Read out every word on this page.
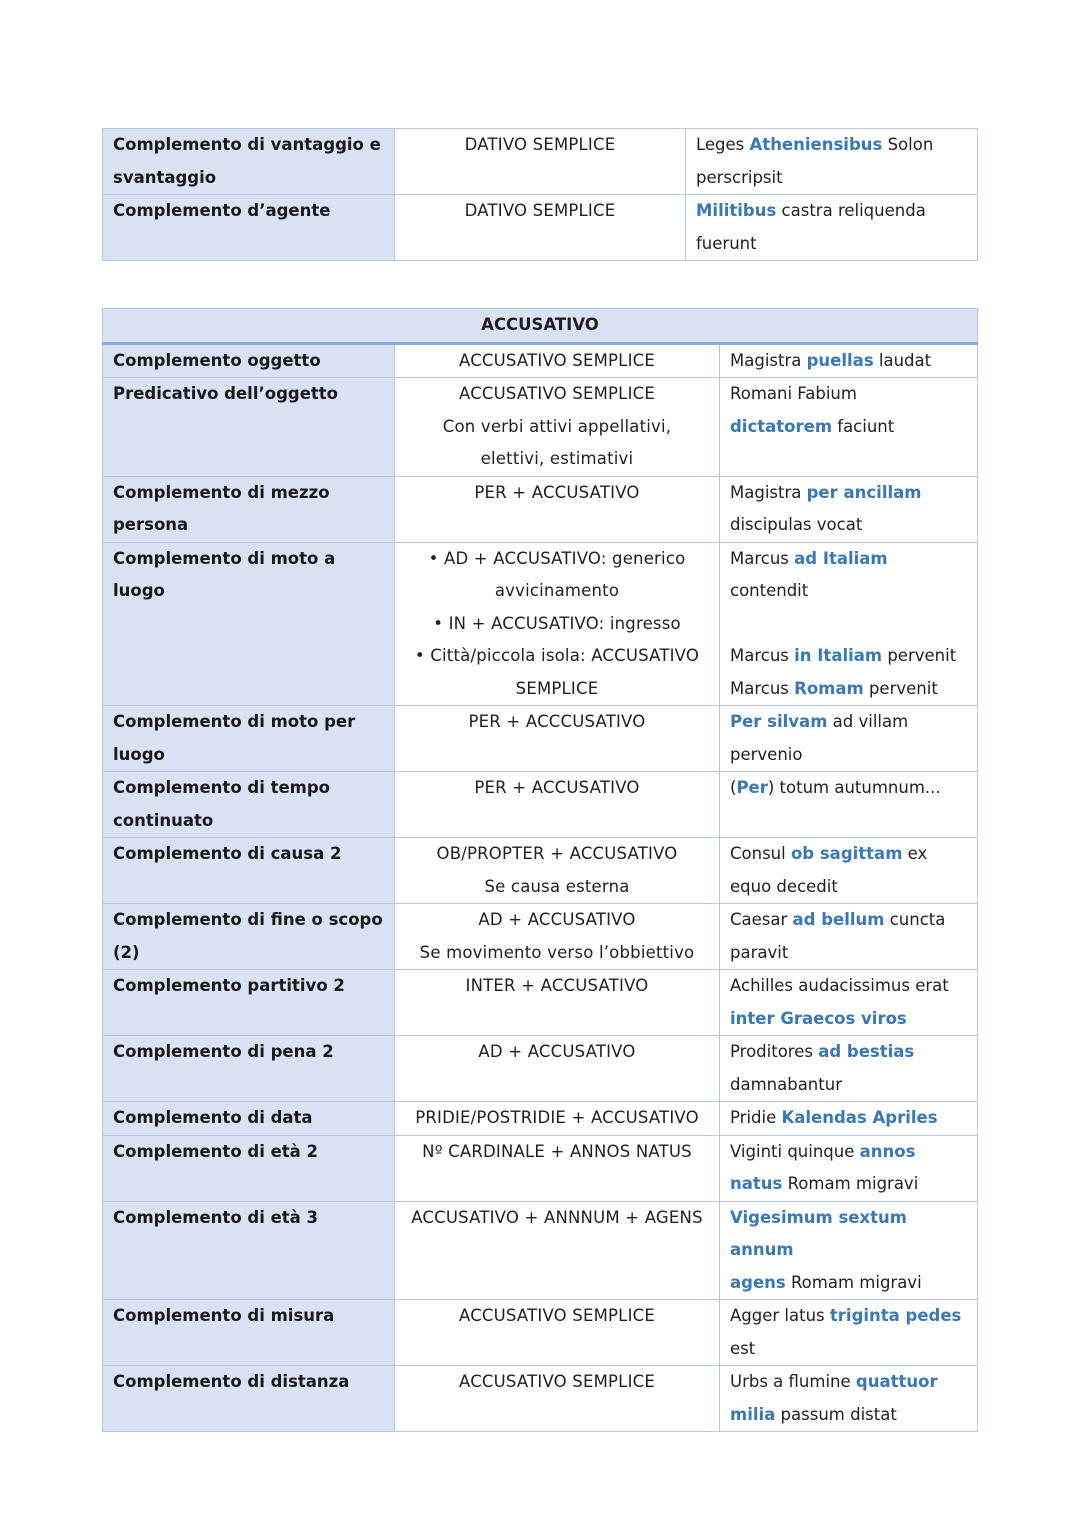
Complemento di vantaggio e svantaggio	DATIVO SEMPLICE	Leges Atheniensibus Solon
perscripsit

Complemento d’agente	DATIVO SEMPLICE	Militibus castra reliquenda
fuerunt
ACCUSATIVO		
Complemento oggetto	ACCUSATIVO SEMPLICE	Magistra puellas laudat

Predicativo dell’oggetto	ACCUSATIVO SEMPLICE
Con verbi attivi appellativi,
elettivi, estimativi	Romani Fabium
dictatorem faciunt

Complemento di mezzo persona	PER + ACCUSATIVO	Magistra per ancillam
discipulas vocat

Complemento di moto a luogo	• AD + ACCUSATIVO: generico
avvicinamento
• IN + ACCUSATIVO: ingresso
• Città/piccola isola: ACCUSATIVO
SEMPLICE	Marcus ad Italiam
contendit
Marcus in Italiam pervenit
Marcus Romam pervenit

Complemento di moto per luogo	PER + ACCCUSATIVO	Per silvam ad villam
pervenio

Complemento di tempo continuato	PER + ACCUSATIVO	(Per) totum autumnum...

Complemento di causa 2	OB/PROPTER + ACCUSATIVO
Se causa esterna	Consul ob sagittam ex
equo decedit

Complemento di fine o scopo (2)	AD + ACCUSATIVO
Se movimento verso l’obbiettivo	Caesar ad bellum cuncta
paravit

Complemento partitivo 2	INTER + ACCUSATIVO	Achilles audacissimus erat
inter Graecos viros

Complemento di pena 2	AD + ACCUSATIVO	Proditores ad bestias
damnabantur

Complemento di data	PRIDIE/POSTRIDIE + ACCUSATIVO	Pridie Kalendas Apriles

Complemento di età 2	Nº CARDINALE + ANNOS NATUS	Viginti quinque annos
natus Romam migravi

Complemento di età 3	ACCUSATIVO + ANNNUM + AGENS	Vigesimum sextum annum
agens Romam migravi

Complemento di misura	ACCUSATIVO SEMPLICE	Agger latus triginta pedes
est

Complemento di distanza	ACCUSATIVO SEMPLICE	Urbs a flumine quattuor
milia passum distat
